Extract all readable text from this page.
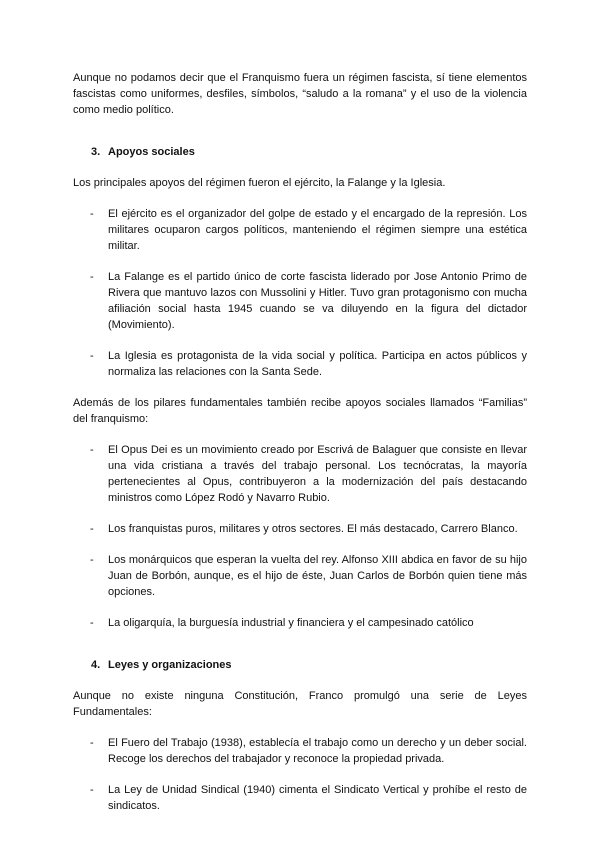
Aunque no podamos decir que el Franquismo fuera un régimen fascista, sí tiene elementos fascistas como uniformes, desfiles, símbolos, “saludo a la romana” y el uso de la violencia como medio político.

3. Apoyos sociales

Los principales apoyos del régimen fueron el ejército, la Falange y la Iglesia.

- El ejército es el organizador del golpe de estado y el encargado de la represión. Los militares ocuparon cargos políticos, manteniendo el régimen siempre una estética militar.
- La Falange es el partido único de corte fascista liderado por Jose Antonio Primo de Rivera que mantuvo lazos con Mussolini y Hitler. Tuvo gran protagonismo con mucha afiliación social hasta 1945 cuando se va diluyendo en la figura del dictador (Movimiento).
- La Iglesia es protagonista de la vida social y política. Participa en actos públicos y normaliza las relaciones con la Santa Sede.

Además de los pilares fundamentales también recibe apoyos sociales llamados “Familias” del franquismo:

- El Opus Dei es un movimiento creado por Escrivá de Balaguer que consiste en llevar una vida cristiana a través del trabajo personal. Los tecnócratas, la mayoría pertenecientes al Opus, contribuyeron a la modernización del país destacando ministros como López Rodó y Navarro Rubio.
- Los franquistas puros, militares y otros sectores. El más destacado, Carrero Blanco.
- Los monárquicos que esperan la vuelta del rey. Alfonso XIII abdica en favor de su hijo Juan de Borbón, aunque, es el hijo de éste, Juan Carlos de Borbón quien tiene más opciones.
- La oligarquía, la burguesía industrial y financiera y el campesinado católico
4. Leyes y organizaciones

Aunque no existe ninguna Constitución, Franco promulgó una serie de Leyes Fundamentales:

- El Fuero del Trabajo (1938), establecía el trabajo como un derecho y un deber social. Recoge los derechos del trabajador y reconoce la propiedad privada.
- La Ley de Unidad Sindical (1940) cimenta el Sindicato Vertical y prohíbe el resto de sindicatos.
